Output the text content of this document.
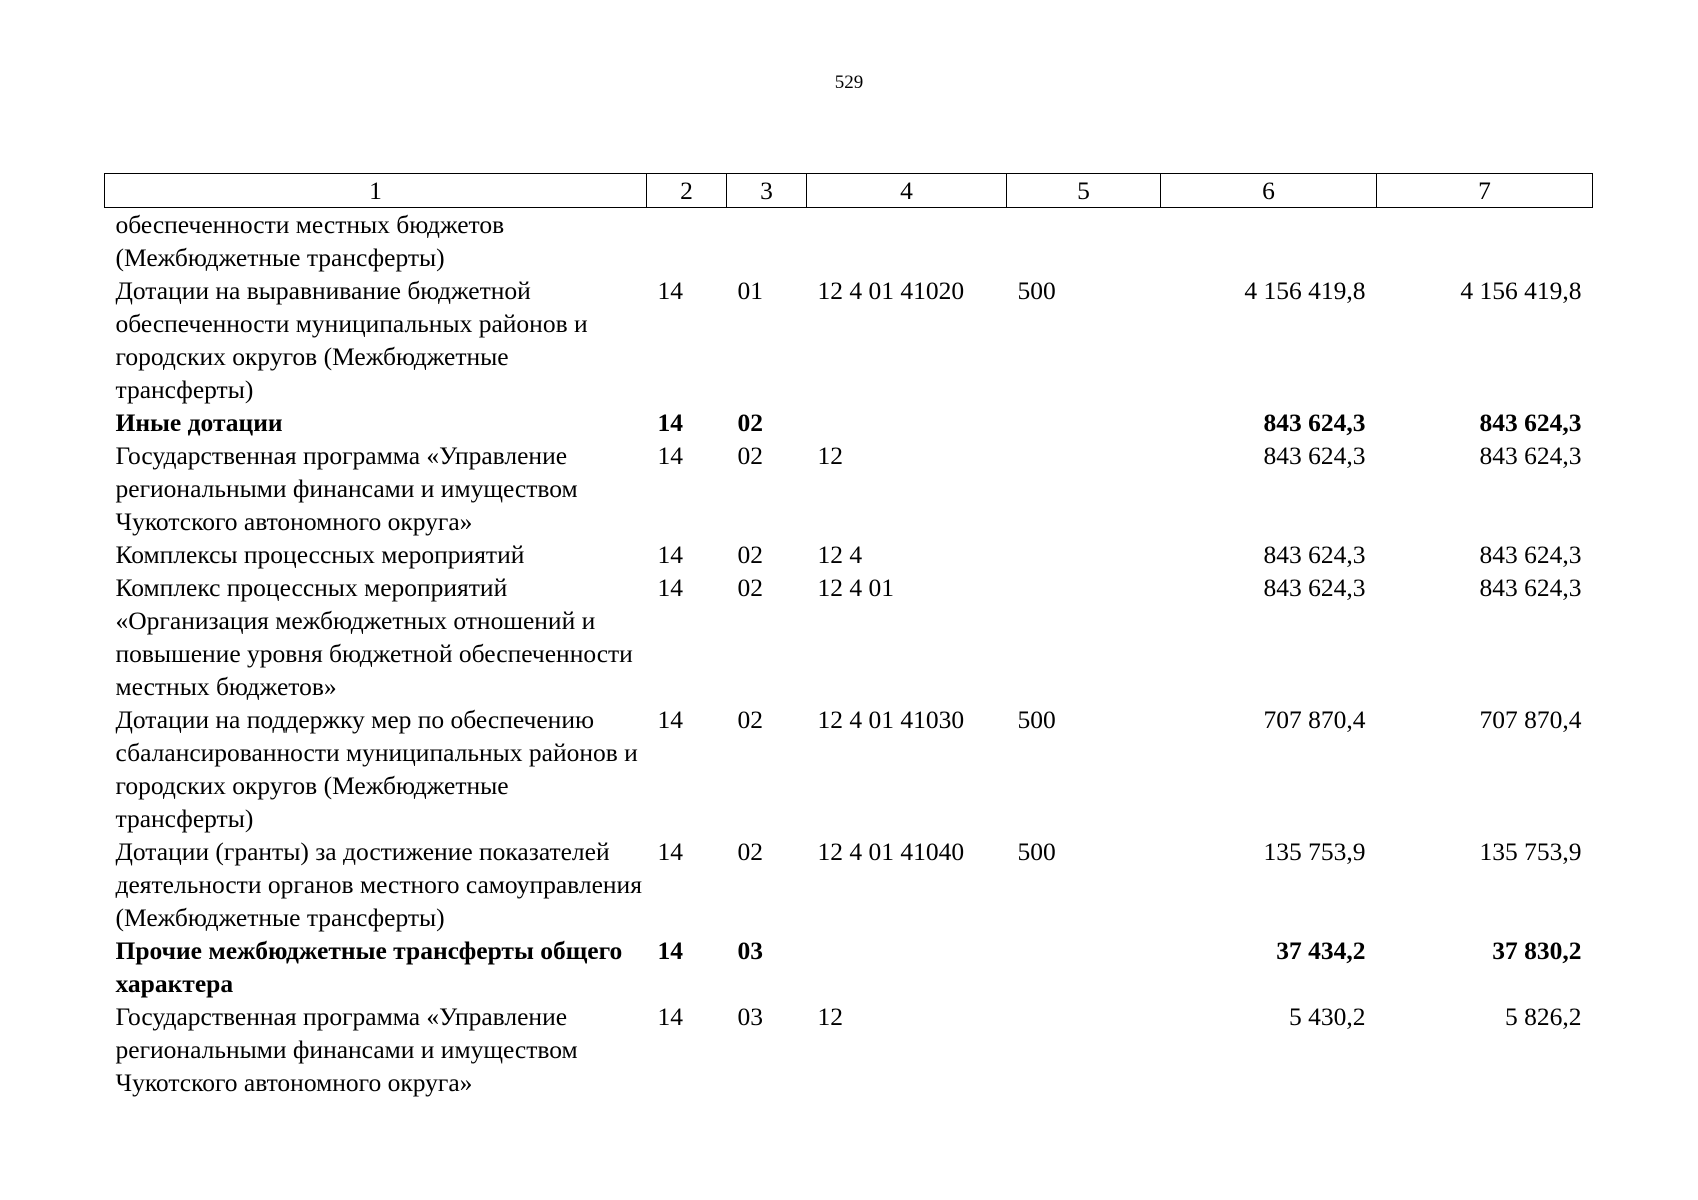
529
1	2	3	4	5	6	7
обеспеченности местных бюджетов (Межбюджетные трансферты)						
Дотации на выравнивание бюджетной обеспеченности муниципальных районов и городских округов (Межбюджетные трансферты)	14	01	12 4 01 41020	500	4 156 419,8	4 156 419,8
Иные дотации	14	02			843 624,3	843 624,3
Государственная программа «Управление региональными финансами и имуществом Чукотского автономного округа»	14	02	12		843 624,3	843 624,3
Комплексы процессных мероприятий	14	02	12 4		843 624,3	843 624,3
Комплекс процессных мероприятий «Организация межбюджетных отношений и повышение уровня бюджетной обеспеченности местных бюджетов»	14	02	12 4 01		843 624,3	843 624,3
Дотации на поддержку мер по обеспечению сбалансированности муниципальных районов и городских округов (Межбюджетные трансферты)	14	02	12 4 01 41030	500	707 870,4	707 870,4
Дотации (гранты) за достижение показателей деятельности органов местного самоуправления (Межбюджетные трансферты)	14	02	12 4 01 41040	500	135 753,9	135 753,9
Прочие межбюджетные трансферты общего характера	14	03			37 434,2	37 830,2
Государственная программа «Управление региональными финансами и имуществом Чукотского автономного округа»	14	03	12		5 430,2	5 826,2
